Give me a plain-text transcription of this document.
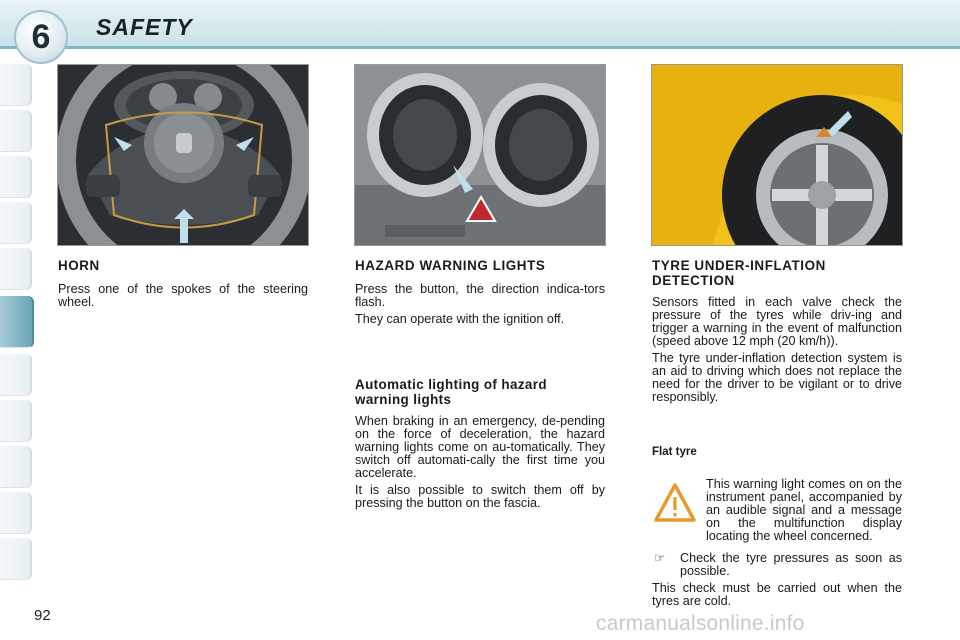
6	SAFETY
HORN

Press one of the spokes of the steering wheel.

HAZARD WARNING LIGHTS

Press the button, the direction indica-tors flash.

They can operate with the ignition off.

Automatic lighting of hazard warning lights

When braking in an emergency, de-pending on the force of deceleration, the hazard warning lights come on au-tomatically. They switch off automati-cally the first time you accelerate.

It is also possible to switch them off by pressing the button on the fascia.

TYRE UNDER-INFLATION DETECTION

Sensors fitted in each valve check the pressure of the tyres while driv-ing and trigger a warning in the event of malfunction (speed above 12 mph (20 km/h)).

The tyre under-inflation detection system is an aid to driving which does not replace the need for the driver to be vigilant or to drive responsibly.

Flat tyre

This warning light comes on on the instrument panel, accompanied by an audible signal and a message on the multifunction display locating the wheel concerned.

☞ Check the tyre pressures as soon as possible.

This check must be carried out when the tyres are cold.

92	carmanualsonline.info
